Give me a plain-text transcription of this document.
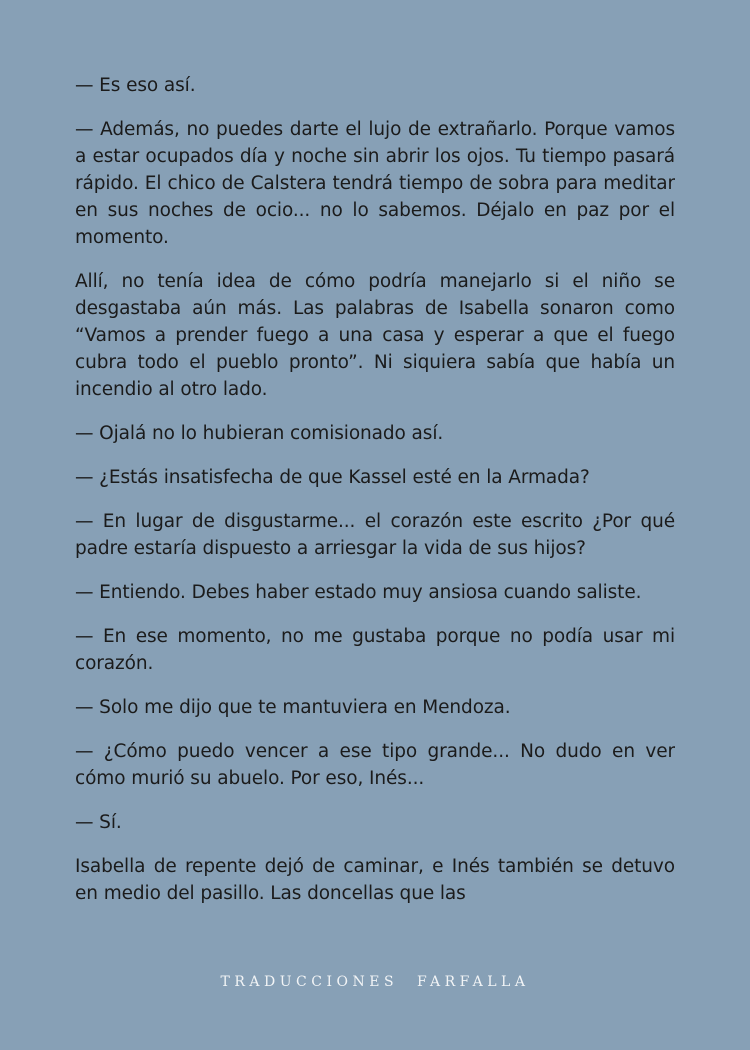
— Es eso así.

— Además, no puedes darte el lujo de extrañarlo. Porque vamos a estar ocupados día y noche sin abrir los ojos. Tu tiempo pasará rápido. El chico de Calstera tendrá tiempo de sobra para meditar en sus noches de ocio... no lo sabemos. Déjalo en paz por el momento.

Allí, no tenía idea de cómo podría manejarlo si el niño se desgastaba aún más. Las palabras de Isabella sonaron como “Vamos a prender fuego a una casa y esperar a que el fuego cubra todo el pueblo pronto”. Ni siquiera sabía que había un incendio al otro lado.

— Ojalá no lo hubieran comisionado así.

— ¿Estás insatisfecha de que Kassel esté en la Armada?

— En lugar de disgustarme... el corazón este escrito ¿Por qué padre estaría dispuesto a arriesgar la vida de sus hijos?

— Entiendo. Debes haber estado muy ansiosa cuando saliste.

— En ese momento, no me gustaba porque no podía usar mi corazón.

— Solo me dijo que te mantuviera en Mendoza.

— ¿Cómo puedo vencer a ese tipo grande... No dudo en ver cómo murió su abuelo. Por eso, Inés...

— Sí.

Isabella de repente dejó de caminar, e Inés también se detuvo en medio del pasillo. Las doncellas que las

TRADUCCIONES FARFALLA
